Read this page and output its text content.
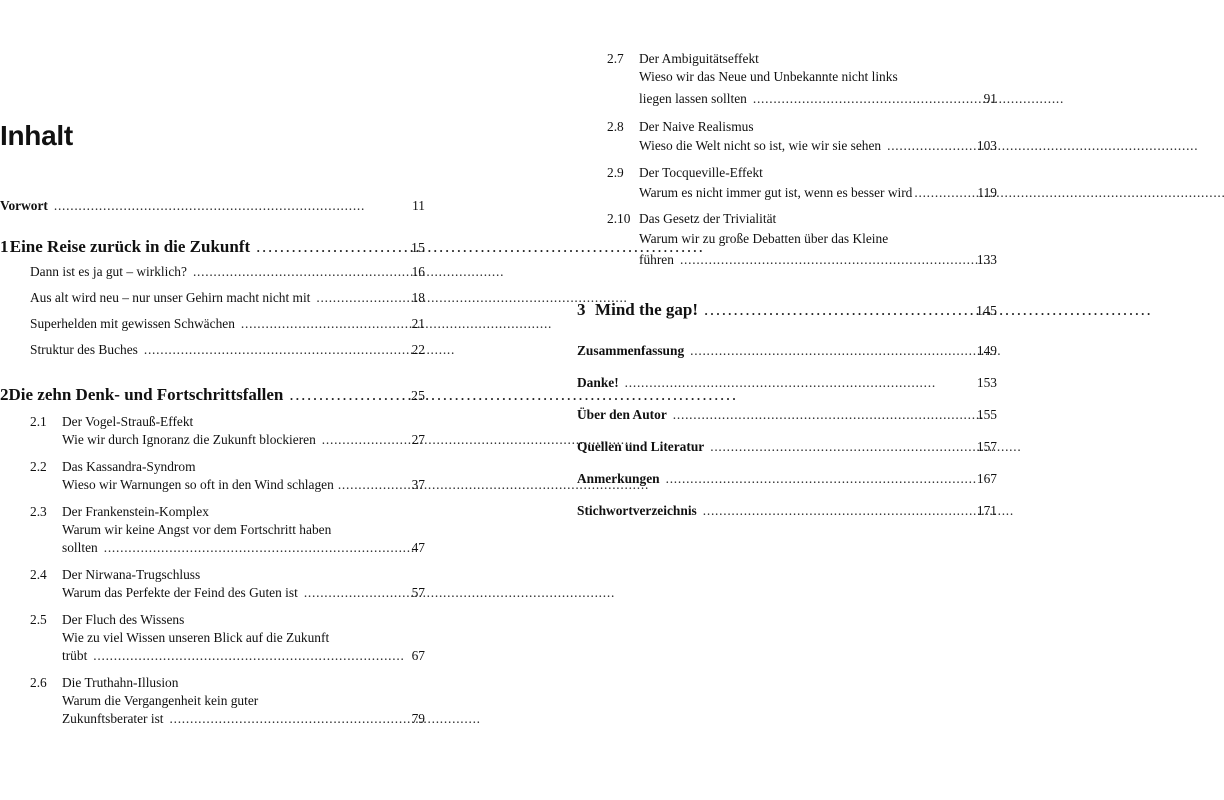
Inhalt
Vorwort . . .	11
1 Eine Reise zurück in die Zukunft . . .	15
Dann ist es ja gut – wirklich? . . .	16
Aus alt wird neu – nur unser Gehirn macht nicht mit . . .	18
Superhelden mit gewissen Schwächen . . .	21
Struktur des Buches . . .	22
2 Die zehn Denk- und Fortschrittsfallen . . .	25
2.1 Der Vogel-Strauß-Effekt
Wie wir durch Ignoranz die Zukunft blockieren . . .	27
2.2 Das Kassandra-Syndrom
Wieso wir Warnungen so oft in den Wind schlagen . . .	37
2.3 Der Frankenstein-Komplex
Warum wir keine Angst vor dem Fortschritt haben
sollten . . .	47
2.4 Der Nirwana-Trugschluss
Warum das Perfekte der Feind des Guten ist . . .	57
2.5 Der Fluch des Wissens
Wie zu viel Wissen unseren Blick auf die Zukunft
trübt . . .	67
2.6 Die Truthahn-Illusion
Warum die Vergangenheit kein guter
Zukunftsberater ist . . .	79
2.7 Der Ambiguitätseffekt
Wieso wir das Neue und Unbekannte nicht links
liegen lassen sollten . . .	91
2.8 Der Naive Realismus
Wieso die Welt nicht so ist, wie wir sie sehen . . .	103
2.9 Der Tocqueville-Effekt
Warum es nicht immer gut ist, wenn es besser wird . . .	119
2.10 Das Gesetz der Trivialität
Warum wir zu große Debatten über das Kleine
führen . . .	133
3 Mind the gap! . . .	145
Zusammenfassung . . .	149
Danke! . . .	153
Über den Autor . . .	155
Quellen und Literatur . . .	157
Anmerkungen . . .	167
Stichwortverzeichnis . . .	171
